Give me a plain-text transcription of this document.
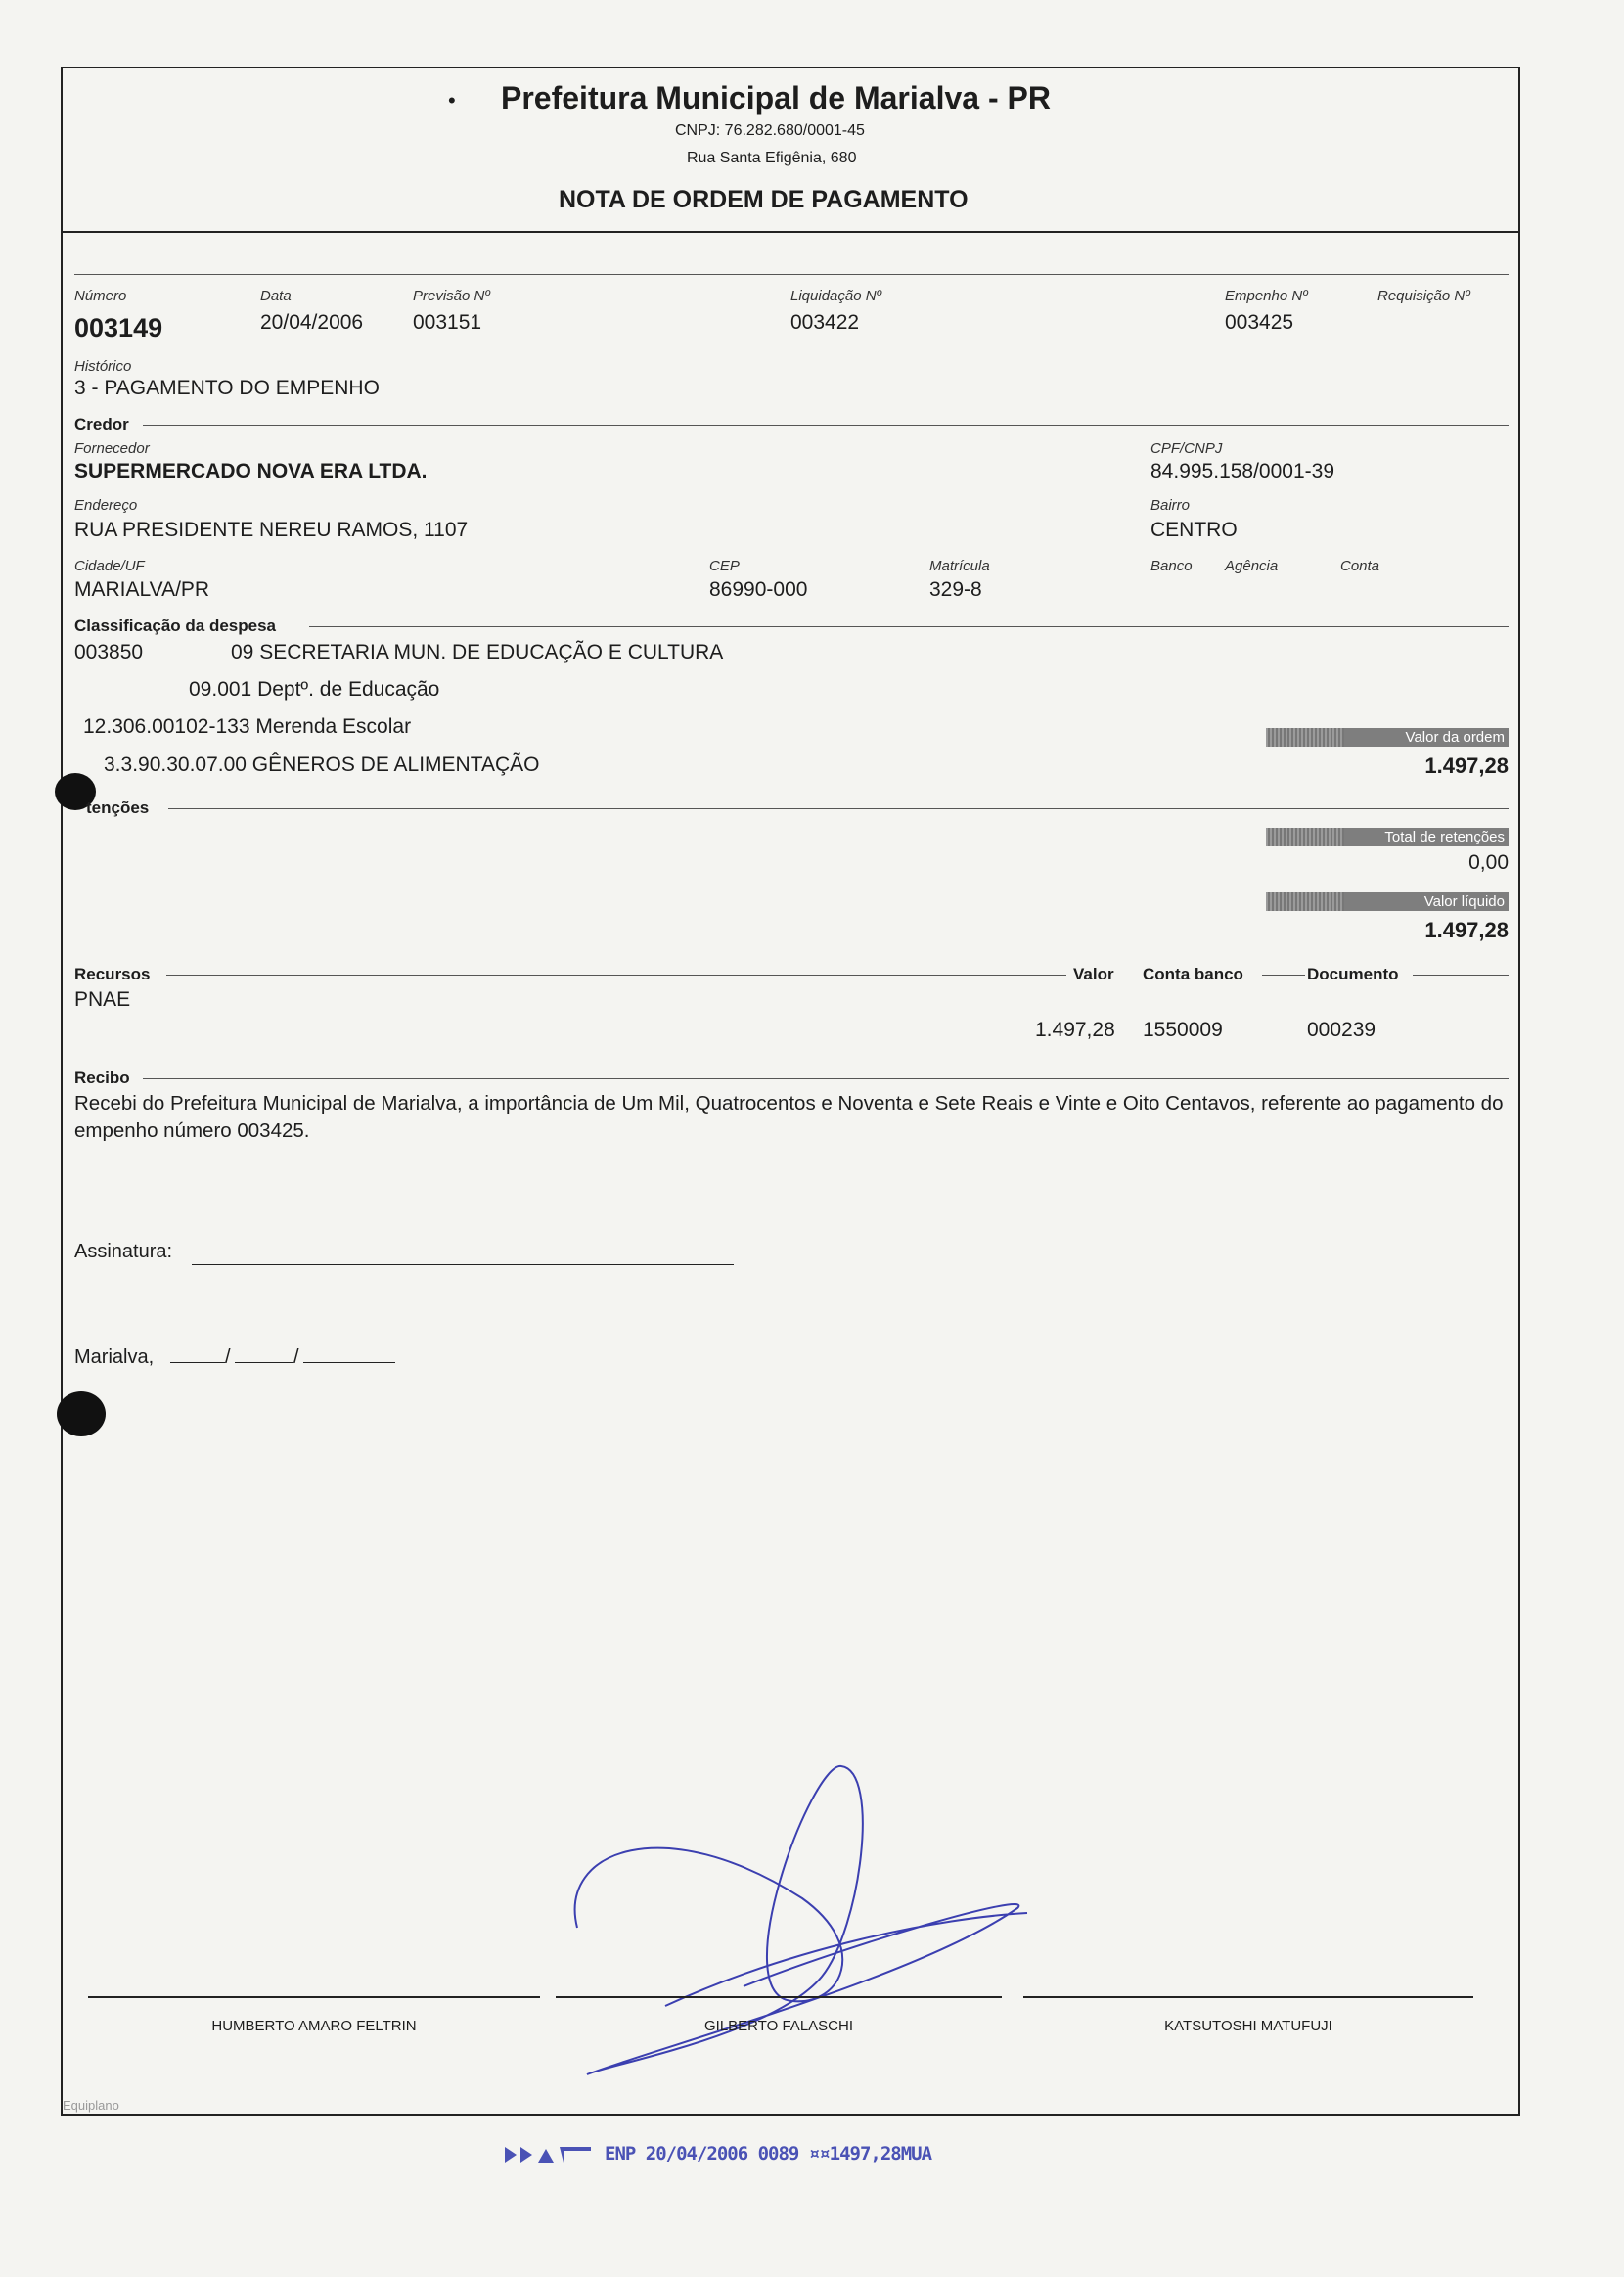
• Prefeitura Municipal de Marialva - PR
CNPJ: 76.282.680/0001-45
Rua Santa Efigênia, 680
NOTA DE ORDEM DE PAGAMENTO
Número
003149
Data
20/04/2006
Previsão Nº
003151
Liquidação Nº
003422
Empenho Nº
003425
Requisição Nº
Histórico
3 - PAGAMENTO DO EMPENHO
Credor
Fornecedor
SUPERMERCADO NOVA ERA LTDA.
CPF/CNPJ
84.995.158/0001-39
Endereço
RUA PRESIDENTE NEREU RAMOS, 1107
Bairro
CENTRO
Cidade/UF
MARIALVA/PR
CEP
86990-000
Matrícula
329-8
Banco Agência	Conta
Classificação da despesa
003850	09 SECRETARIA MUN. DE EDUCAÇÃO E CULTURA
09.001 Deptº. de Educação
12.306.00102-133 Merenda Escolar
3.3.90.30.07.00 GÊNEROS DE ALIMENTAÇÃO
Valor da ordem
1.497,28
tenções
Total de retenções
0,00
Valor líquido
1.497,28
Recursos	Valor Conta banco	Documento
PNAE
1.497,28 1550009	000239
Recibo
Recebi do Prefeitura Municipal de Marialva, a importância de Um Mil, Quatrocentos e Noventa e Sete Reais e Vinte e Oito Centavos, referente ao pagamento do empenho número 003425.
Assinatura:
Marialva,	/	/
HUMBERTO AMARO FELTRIN	GILBERTO FALASCHI	KATSUTOSHI MATUFUJI
Equiplano
ENP 20/04/2006 0089 ¤¤1497,28MUA
